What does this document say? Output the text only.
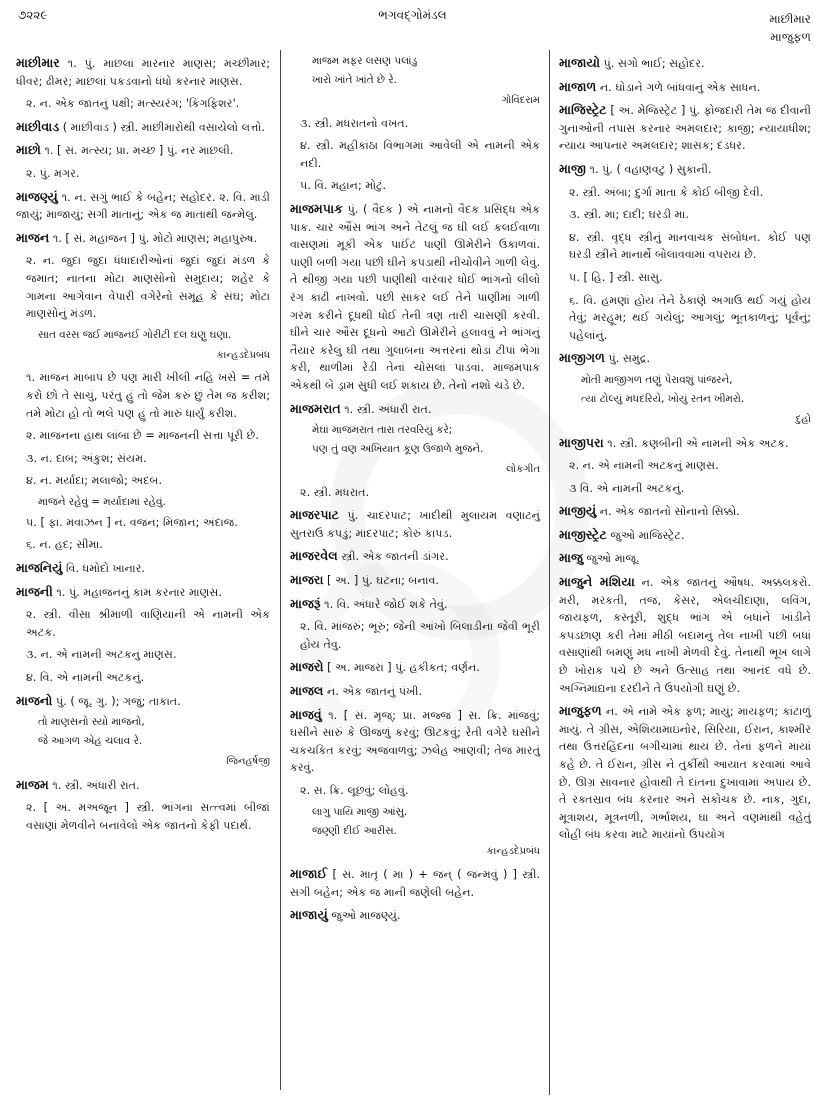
૭૨૨૯	ભગવદ્ગોમંડલ	માછીમાર
માજુફળ
માછીમાર ૧. પું. માછલાં મારનાર માણસ; મચ્છીમાર; ધીવર; ઢીમર; માછલાં પકડવાનો ધંધો કરનાર માણસ.
૨. ન. એક જાતનું પક્ષી; મત્સ્યરંગ; 'કિંગફિશર'.
માછીવાડ ( માછીવાડ ) સ્ત્રી. માછીમારોથી વસાયેલો લત્તો.
માછો ૧. [ સં. મત્સ્ય; પ્રા. મચ્છ ] પું. નર માછલી.
૨. પું. મગર.
માજણ્યું ૧. ન. સગું ભાઈ કે બહેન; સહોદર. ૨. વિ. માડી જાયું; માજાયું; સગી માતાનું; એક જ માતાથી જન્મેલું.
માજન ૧. [ સં. મહાજન ] પું. મોટો માણસ; મહાપુરુષ.
૨. ન. જુદા જુદા ધંધાદારીઓનાં જુદાં જુદાં મંડળ કે જમાત; નાતના મોટા માણસોનો સમુદાય; શહેર કે ગામના આગેવાન વેપારી વગેરેનો સમૂહ કે સંઘ; મોટા માણસોનું મંડળ.
સાત વરસ જઈ માજનઈ ગોરીટી દલ ઘણુ ઘણા.
કાન્હડદેપ્રબંધ
૧. માજન માબાપ છે પણ મારી ખીલી નહિ ખસે = તમે કરો છો તે સાચું, પરંતુ હું તો જેમ કરું છું તેમ જ કરીશ; તમે મોટા હો તો ભલે પણ હું તો મારું ધાર્યું કરીશ.
૨. માજનના હાથ લાંબા છે = માજનની સત્તા પૂરી છે.
૩. ન. દાબ; અંકુશ; સંયમ.
૪. ન. મર્યાદા; મલાજો; અદબ.
માજને રહેવું = મર્યાદામાં રહેવું.
૫. [ ફા. મવાઝન ] ન. વજન; મિજાન; અંદાજ.
૬. ન. હદ; સીમા.
માજનિયું વિ. ધમોદો ખાનાર.
માજની ૧. પું. મહાજનનું કામ કરનાર માણસ.
૨. સ્ત્રી. વીસા શ્રીમાળી વાણિયાની એ નામની એક અટક.
૩. ન. એ નામની અટકનું માણસ.
૪. વિ. એ નામની અટકનું.
માજનો પું. ( જૂ. ગુ. ); ગજું; તાકાત.
તો માણસનો સ્યો માજનો,
જે આગળ એહ ચલાવ રે.
જિનહર્ષજી
માજમ ૧. સ્ત્રી. અંધારી રાત.
૨. [ અ. મઅજૂન ] સ્ત્રી. ભાંગના સત્ત્વમાં બીજાં વસાણાં મેળવીને બનાવેલો એક જાતનો કેફી પદાર્થ.
માજમ મફર લસણ પલાંડુ
ખારો ખાંતે ખાંતે છે રે.
ગોવિંદરામ
૩. સ્ત્રી. મધરાતનો વખત.
૪. સ્ત્રી. મહીકાંઠા વિભાગમાં આવેલી એ નામની એક નદી.
૫. વિ. મહાન; મોટું.
માજમપાક પું. ( વૈદક ) એ નામનો વૈદક પ્રસિદ્ધ એક પાક. ચાર ઔંસ ભાંગ અને તેટલું જ ઘી લઈ કલઈવાળા વાસણમાં મૂકી એક પાઈંટ પાણી ઊમેરીને ઉકાળવાં. પાણી બળી ગયા પછી ઘીને કપડાથી નીચોવીને ગાળી લેવું. તે થીજી ગયા પછી પાણીથી વારંવાર ધોઈ ભાંગનો લીલો રંગ કાઢી નાખવો. પછી સાકર લઈ તેને પાણીમાં ગાળી ગરમ કરીને દૂધથી ધોઈ તેની ત્રણ તારી ચાસણી કરવી. ઘીને ચાર ઔંસ દૂધનો આટો ઊમેરીને હલાવવું ને ભાંગનું તૈયાર કરેલું ઘી તથા ગુલાબના અત્તરનાં થોડાં ટીપાં ભેગાં કરી, થાળીમાં રેડી તેનાં ચોસલાં પાડવાં. માજમપાક એકથી બે ડ્રામ સુધી લઈ શકાય છે. તેનો નશો ચડે છે.
માજમરાત ૧. સ્ત્રી. અંધારી રાત.
મેઘાં માજમરાત તારા તરવરિયું કરે;
પણ તું વણ અખિયાત કૂણ ઉજાળે મુજને.
લોકગીત
૨. સ્ત્રી. મધરાત.
માજરપાટ પું. ચાદરપાટ; ખાદીથી મુલાયમ વણાટનું સુતરાઉ કપડું; માદરપાટ; કોરું કાપડ.
માજરવેલ સ્ત્રી. એક જાતની ડાંગર.
માજરા [ અ. ] પું. ઘટના; બનાવ.
માજરૂં ૧. વિ. અંધારે જોઈ શકે તેવું.
૨. વિ. માંજરું; ભૂરું; જેની આંખો બિલાડીના જેવી ભૂરી હોય તેવુ.
માજરો [ અ. માજરા ] પું. હકીકત; વર્ણન.
માજલ ન. એક જાતનું પંખી.
માજવું ૧. [ સં. મૃજ્; પ્રા. મજ્જ ] સ. ક્રિ. માંજવું; ઘસીને સારું કે ઊજળું કરવું; ઊટકવું; રેતી વગેરે ઘસીને ચકચકિત કરવું; અજવાળવું; ઝલેહ આણવી; તેજ મારતું કરવું.
૨. સ. ક્રિ. લૂછવું; લોહવું.
લાગુ પાયિ માજી આંસુ.
જણ્ણી દીઈ આરીસ.
કાન્હડદેપ્રબંધ
માજાઈ [ સં. માતૃ ( મા ) + જન્ ( જન્મવું ) ] સ્ત્રી. સગી બહેન; એક જ માની જણેલી બહેન.
માજાયું જુઓ માજણ્યું.
માજાયો પું. સગો ભાઈ; સહોદર.
માજાળ ન. ઘોડાને ગળે બાંધવાનું એક સાધન.
માજિસ્ટ્રેટ [ અં. મેજિસ્ટ્રેટ ] પું. ફોજદારી તેમ જ દીવાની ગુનાઓની તપાસ કરનાર અમલદાર; કાજી; ન્યાયાધીશ; ન્યાય આપનાર અમલદાર; શાસક; દંડધર.
માજી ૧. પું. ( વહાણવટું ) સુકાની.
૨. સ્ત્રી. અંબા; દુર્ગા માતા કે કોઈ બીજી દેવી.
૩. સ્ત્રી. મા; દાદી; ઘરડી મા.
૪. સ્ત્રી. વૃદ્ધ સ્ત્રીનું માનવાચક સંબોધન. કોઈ પણ ઘરડી સ્ત્રીને માનાર્થે બોલાવવામાં વપરાય છે.
૫. [ હિ. ] સ્ત્રી. સાસુ.
૬. વિ. હમણાં હોય તેને ઠેકાણે અગાઉ થઈ ગયું હોય તેવું; મરહૂમ; થઈ ગયેલું; આગલું; ભૂતકાળનું; પૂર્વનું; પહેલાંનું.
માજીગળ પું. સમુદ્ર.
મોતી માજીગળ તણું પેરાવશું પાંજરને,
ત્યાં ટોલ્યું મધદરિયે, ખોયું રતન ખીમરો.
દુહો
માજીપરા ૧. સ્ત્રી. કણબીની એ નામની એક અટક.
૨. ન. એ નામની અટકનું માણસ.
૩ વિ. એ નામની અટકનું.
માજીયું ન. એક જાતનો સોનાનો સિક્કો.
માજીસ્ટ્રેટ જુઓ માજિસ્ટ્રેટ.
માજુ જુઓ માજૂ.
માજુને મશિયા ન. એક જાતનું ઔષધ. અક્કલકરો. મરી, મરકતી, તજ, કેસર, એલચીદાણા, લવિંગ, જાયફળ, કસ્તૂરી, શુદ્ધ ભાંગ એ બધાંને ખાંડીને કપડછાણ કરી તેમાં મીઠી બદામનું તેલ નાખી પછી બધાં વસાણાંથી બમણું મધ નાખી મેળવી દેવું. તેનાથી ભૂખ લાગે છે ખોરાક પચે છે અને ઉત્સાહ તથા આનંદ વધે છે. અગ્નિમાંદ્યના દરદીને તે ઉપયોગી ઘણું છે.
માજુફળ ન. એ નામે એક ફળ; માયું; માયફળ; કાંટાળું માયું. તે ગ્રીસ, એશિયામાઇનોર, સિરિયા, ઈરાન, કાશ્મીર તથા ઉત્તરહિંદના બગીચામાં થાય છે. તેનાં ફળને માયાં કહે છે. તે ઈરાન, ગ્રીસ ને તુર્કીથી આયાત કરવામાં આવે છે. ઊગ્ર સાવનાર હોવાથી તે દાંતના દુખાવામાં અપાય છે. તે રક્તસ્રાવ બંધ કરનાર અને સંકોચક છે. નાક, ગુદા, મૂત્રાશય, મૂત્રનળી, ગર્ભાશય, ઘા અને વણમાંથી વહેતું લોહી બંધ કરવા માટે માયાંનો ઉપયોગ
